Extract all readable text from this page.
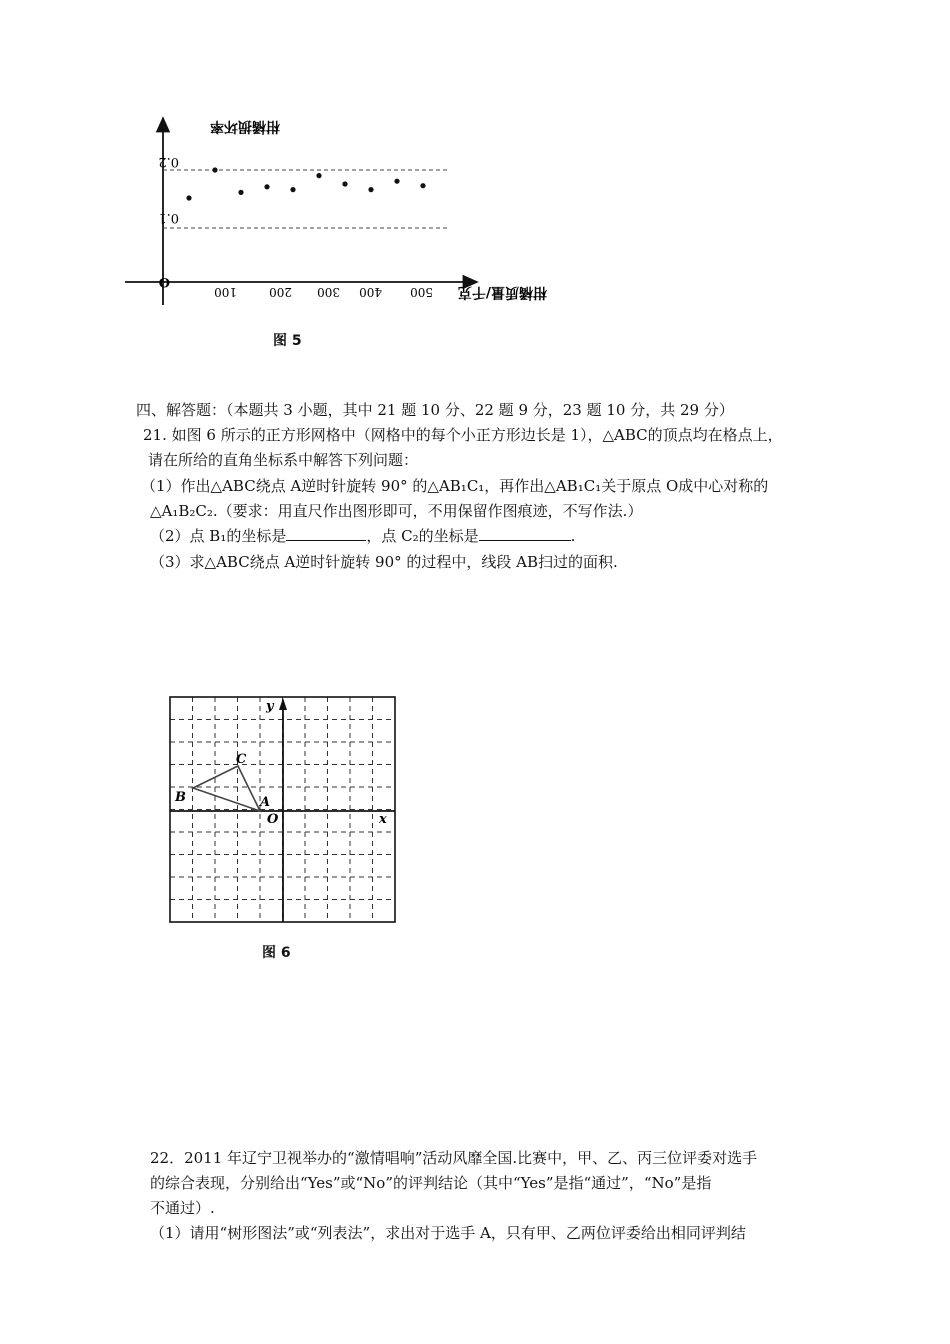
柑橘损坏率
0.2
0.1
O
100	200 300 400 500 柑橘质量/千克
图 5
四、解答题：（本题共 3 小题，其中 21 题 10 分、22 题 9 分，23 题 10 分，共 29 分）
21. 如图 6 所示的正方形网格中（网格中的每个小正方形边长是 1），△ABC的顶点均在格点上，
请在所给的直角坐标系中解答下列问题：
（1）作出△ABC绕点 A逆时针旋转 90° 的△AB₁C₁，再作出△AB₁C₁关于原点 O成中心对称的
△A₁B₂C₂.（要求：用直尺作出图形即可，不用保留作图痕迹，不写作法.）
（2）点 B₁的坐标是	，点 C₂的坐标是	.
（3）求△ABC绕点 A逆时针旋转 90° 的过程中，线段 AB扫过的面积.
y
x
C
B	A
O
图 6
22．2011 年辽宁卫视举办的“激情唱响”活动风靡全国.比赛中，甲、乙、丙三位评委对选手
的综合表现，分别给出“Yes”或“No”的评判结论（其中“Yes”是指“通过”，“No”是指
不通过）.
（1）请用“树形图法”或“列表法”，求出对于选手 A，只有甲、乙两位评委给出相同评判结
